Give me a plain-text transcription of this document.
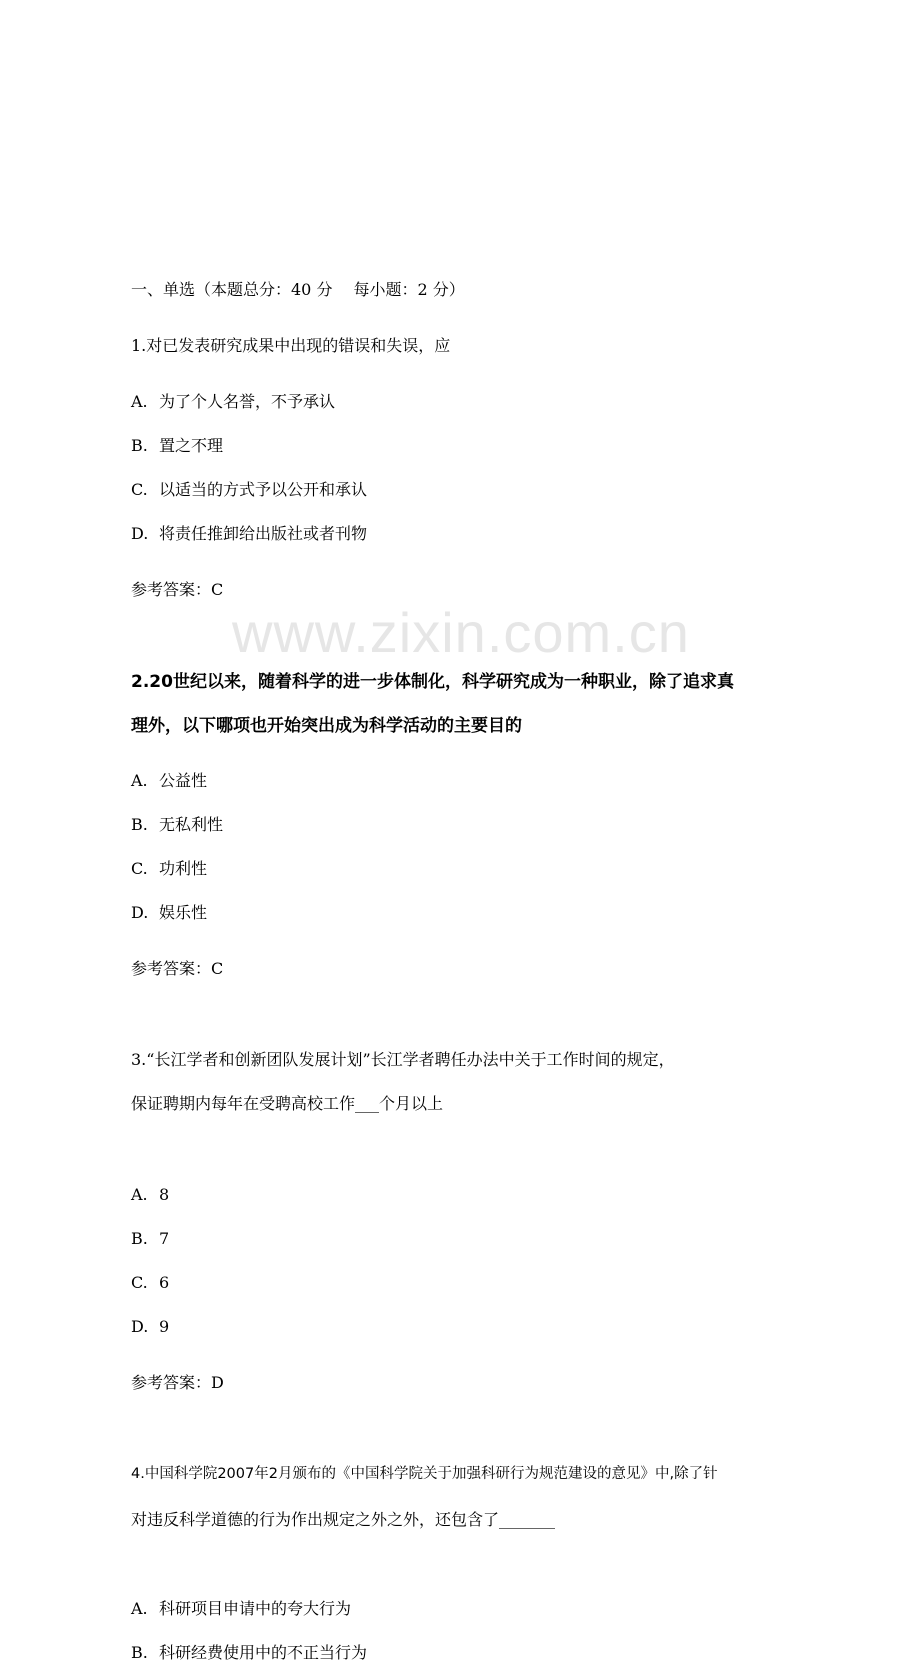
www.zixin.com.cn
一、单选（本题总分：40 分　 每小题：2 分）
1.对已发表研究成果中出现的错误和失误，应
A. 为了个人名誉，不予承认
B. 置之不理
C. 以适当的方式予以公开和承认
D. 将责任推卸给出版社或者刊物
参考答案：C
2.20世纪以来，随着科学的进一步体制化，科学研究成为一种职业，除了追求真
理外，以下哪项也开始突出成为科学活动的主要目的
A. 公益性
B. 无私利性
C. 功利性
D. 娱乐性
参考答案：C
3.“长江学者和创新团队发展计划”长江学者聘任办法中关于工作时间的规定，
保证聘期内每年在受聘高校工作___个月以上
A. 8
B. 7
C. 6
D. 9
参考答案：D
4.中国科学院2007年2月颁布的《中国科学院关于加强科研行为规范建设的意见》中,除了针
对违反科学道德的行为作出规定之外之外，还包含了_______
A. 科研项目申请中的夸大行为
B. 科研经费使用中的不正当行为
